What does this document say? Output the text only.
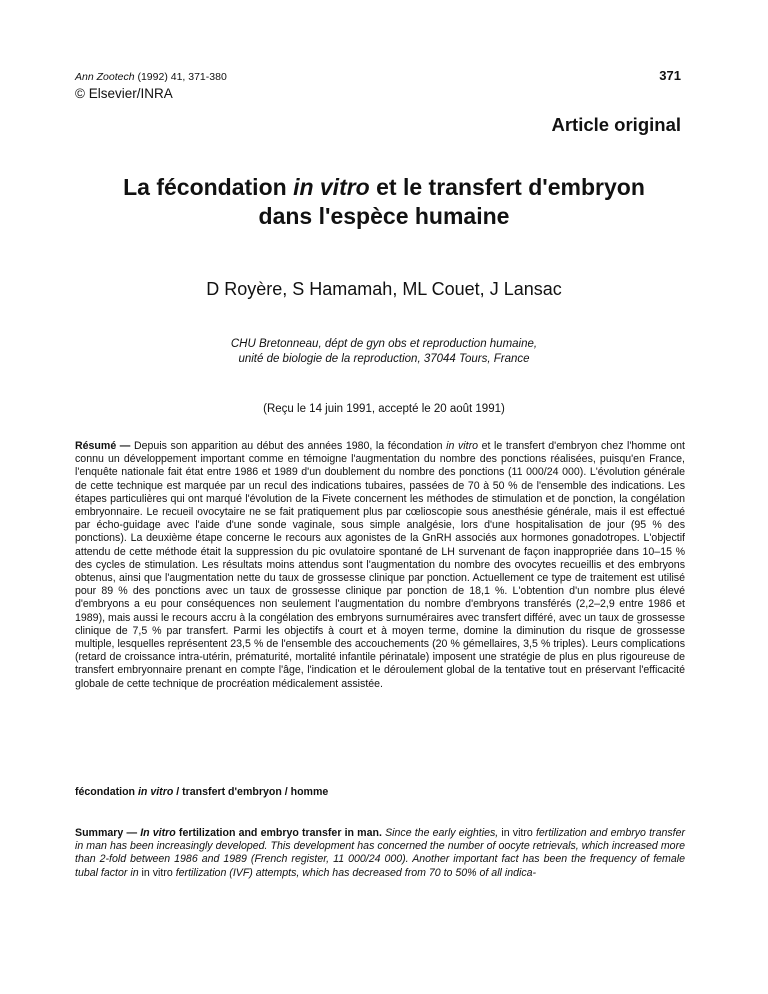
Ann Zootech (1992) 41, 371-380
© Elsevier/INRA
371
Article original
La fécondation in vitro et le transfert d'embryon
dans l'espèce humaine
D Royère, S Hamamah, ML Couet, J Lansac
CHU Bretonneau, dépt de gyn obs et reproduction humaine,
unité de biologie de la reproduction, 37044 Tours, France
(Reçu le 14 juin 1991, accepté le 20 août 1991)
Résumé — Depuis son apparition au début des années 1980, la fécondation in vitro et le transfert d'embryon chez l'homme ont connu un développement important comme en témoigne l'augmentation du nombre des ponctions réalisées, puisqu'en France, l'enquête nationale fait état entre 1986 et 1989 d'un doublement du nombre des ponctions (11 000/24 000). L'évolution générale de cette technique est marquée par un recul des indications tubaires, passées de 70 à 50 % de l'ensemble des indications. Les étapes particulières qui ont marqué l'évolution de la Fivete concernent les méthodes de stimulation et de ponction, la congélation embryonnaire. Le recueil ovocytaire ne se fait pratiquement plus par cœlioscopie sous anesthésie générale, mais il est effectué par écho-guidage avec l'aide d'une sonde vaginale, sous simple analgésie, lors d'une hospitalisation de jour (95 % des ponctions). La deuxième étape concerne le recours aux agonistes de la GnRH associés aux hormones gonadotropes. L'objectif attendu de cette méthode était la suppression du pic ovulatoire spontané de LH survenant de façon inappropriée dans 10–15 % des cycles de stimulation. Les résultats moins attendus sont l'augmentation du nombre des ovocytes recueillis et des embryons obtenus, ainsi que l'augmentation nette du taux de grossesse clinique par ponction. Actuellement ce type de traitement est utilisé pour 89 % des ponctions avec un taux de grossesse clinique par ponction de 18,1 %. L'obtention d'un nombre plus élevé d'embryons a eu pour conséquences non seulement l'augmentation du nombre d'embryons transférés (2,2–2,9 entre 1986 et 1989), mais aussi le recours accru à la congélation des embryons surnuméraires avec transfert différé, avec un taux de grossesse clinique de 7,5 % par transfert. Parmi les objectifs à court et à moyen terme, domine la diminution du risque de grossesse multiple, lesquelles représentent 23,5 % de l'ensemble des accouchements (20 % gémellaires, 3,5 % triples). Leurs complications (retard de croissance intra-utérin, prématurité, mortalité infantile périnatale) imposent une stratégie de plus en plus rigoureuse de transfert embryonnaire prenant en compte l'âge, l'indication et le déroulement global de la tentative tout en préservant l'efficacité globale de cette technique de procréation médicalement assistée.
fécondation in vitro / transfert d'embryon / homme
Summary — In vitro fertilization and embryo transfer in man. Since the early eighties, in vitro fertilization and embryo transfer in man has been increasingly developed. This development has concerned the number of oocyte retrievals, which increased more than 2-fold between 1986 and 1989 (French register, 11 000/24 000). Another important fact has been the frequency of female tubal factor in in vitro fertilization (IVF) attempts, which has decreased from 70 to 50% of all indica-
